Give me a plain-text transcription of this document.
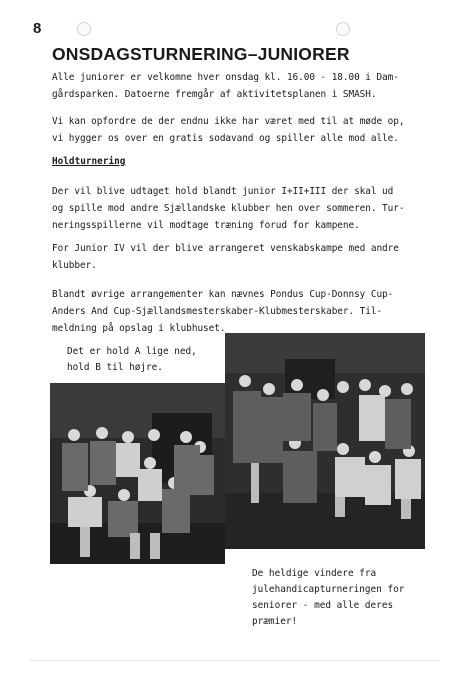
8
ONSDAGSTURNERING–JUNIORER

Alle juniorer er velkomne hver onsdag kl. 16.00 - 18.00 i Dam-
gårdsparken. Datoerne fremgår af aktivitetsplanen i SMASH.

Vi kan opfordre de der endnu ikke har været med til at møde op,
vi hygger os over en gratis sodavand og spiller alle mod alle.

Holdturnering

Der vil blive udtaget hold blandt junior I+II+III der skal ud
og spille mod andre Sjællandske klubber hen over sommeren. Tur-
neringsspillerne vil modtage træning forud for kampene.

For Junior IV vil der blive arrangeret venskabskampe med andre
klubber.

Blandt øvrige arrangementer kan nævnes Pondus Cup-Donnsy Cup-
Anders And Cup-Sjællandsmesterskaber-Klubmesterskaber. Til-
meldning på opslag i klubhuset.

Det er hold A lige ned,
hold B til højre.

De heldige vindere fra
julehandicapturneringen for
seniorer - med alle deres
præmier!
